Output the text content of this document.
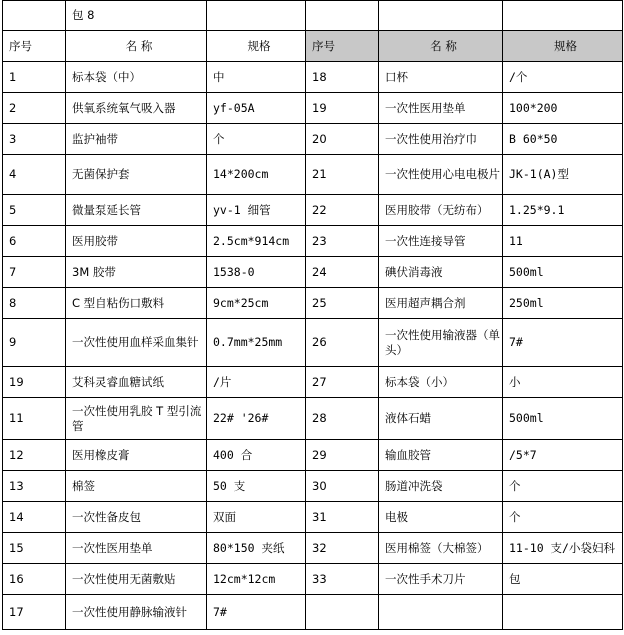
	包 8				
序号	名 称	规格	序号	名 称	规格
1	标本袋（中）	中	18	口杯	/个
2	供氧系统氧气吸入器	yf-05A	19	一次性医用垫单	100*200
3	监护袖带	个	20	一次性使用治疗巾	B 60*50
4	无菌保护套	14*200cm	21	一次性使用心电电极片	JK-1(A)型
5	微量泵延长管	yv-1 细管	22	医用胶带（无纺布）	1.25*9.1
6	医用胶带	2.5cm*914cm	23	一次性连接导管	11
7	3M 胶带	1538-0	24	碘伏消毒液	500ml
8	C 型自粘伤口敷料	9cm*25cm	25	医用超声耦合剂	250ml
9	一次性使用血样采血集针	0.7mm*25mm	26	一次性使用输液器（单头）	7#
19	艾科灵睿血糖试纸	/片	27	标本袋（小）	小
11	一次性使用乳胶 T 型引流管	22# '26#	28	液体石蜡	500ml
12	医用橡皮膏	400 合	29	输血胶管	/5*7
13	棉签	50 支	30	肠道冲洗袋	个
14	一次性备皮包	双面	31	电极	个
15	一次性医用垫单	80*150 夹纸	32	医用棉签（大棉签）	11-10 支/小袋妇科
16	一次性使用无菌敷贴	12cm*12cm	33	一次性手术刀片	包
17	一次性使用静脉输液针	7#			
